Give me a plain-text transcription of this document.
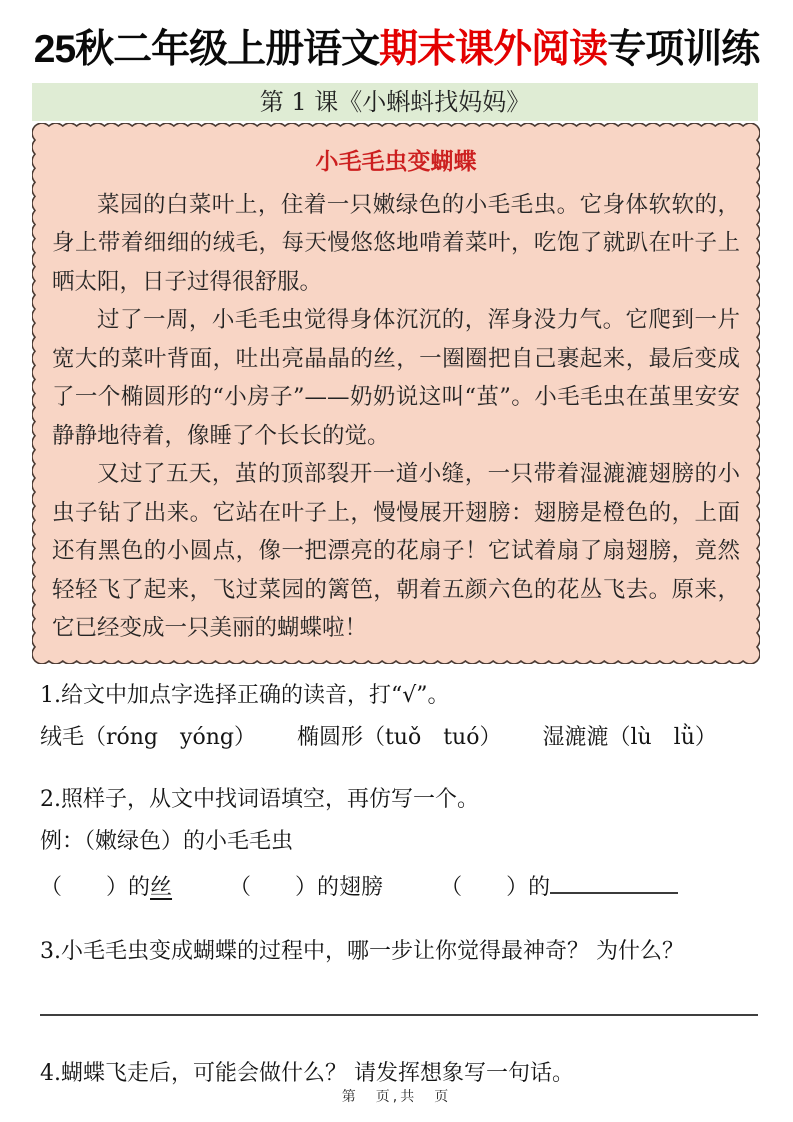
25秋二年级上册语文期末课外阅读专项训练
第 1 课《小蝌蚪找妈妈》
小毛毛虫变蝴蝶

菜园的白菜叶上，住着一只嫩绿色的小毛毛虫。它身体软软的，身上带着细细的绒毛，每天慢悠悠地啃着菜叶，吃饱了就趴在叶子上晒太阳，日子过得很舒服。

过了一周，小毛毛虫觉得身体沉沉的，浑身没力气。它爬到一片宽大的菜叶背面，吐出亮晶晶的丝，一圈圈把自己裹起来，最后变成了一个椭圆形的“小房子”——奶奶说这叫“茧”。小毛毛虫在茧里安安静静地待着，像睡了个长长的觉。

又过了五天，茧的顶部裂开一道小缝，一只带着湿漉漉翅膀的小虫子钻了出来。它站在叶子上，慢慢展开翅膀：翅膀是橙色的，上面还有黑色的小圆点，像一把漂亮的花扇子！它试着扇了扇翅膀，竟然轻轻飞了起来，飞过菜园的篱笆，朝着五颜六色的花丛飞去。原来，它已经变成一只美丽的蝴蝶啦！

1.给文中加点字选择正确的读音，打“√”。

绒毛（róng　yóng） 椭圆形（tuǒ　tuó） 湿漉漉（lù　lǜ）

2.照样子，从文中找词语填空，再仿写一个。

例：（嫩绿色）的小毛毛虫
（　　）的丝	（　　）的翅膀	（　　）的

3.小毛毛虫变成蝴蝶的过程中，哪一步让你觉得最神奇？ 为什么？

4.蝴蝶飞走后，可能会做什么？ 请发挥想象写一句话。

第　页,共　页
